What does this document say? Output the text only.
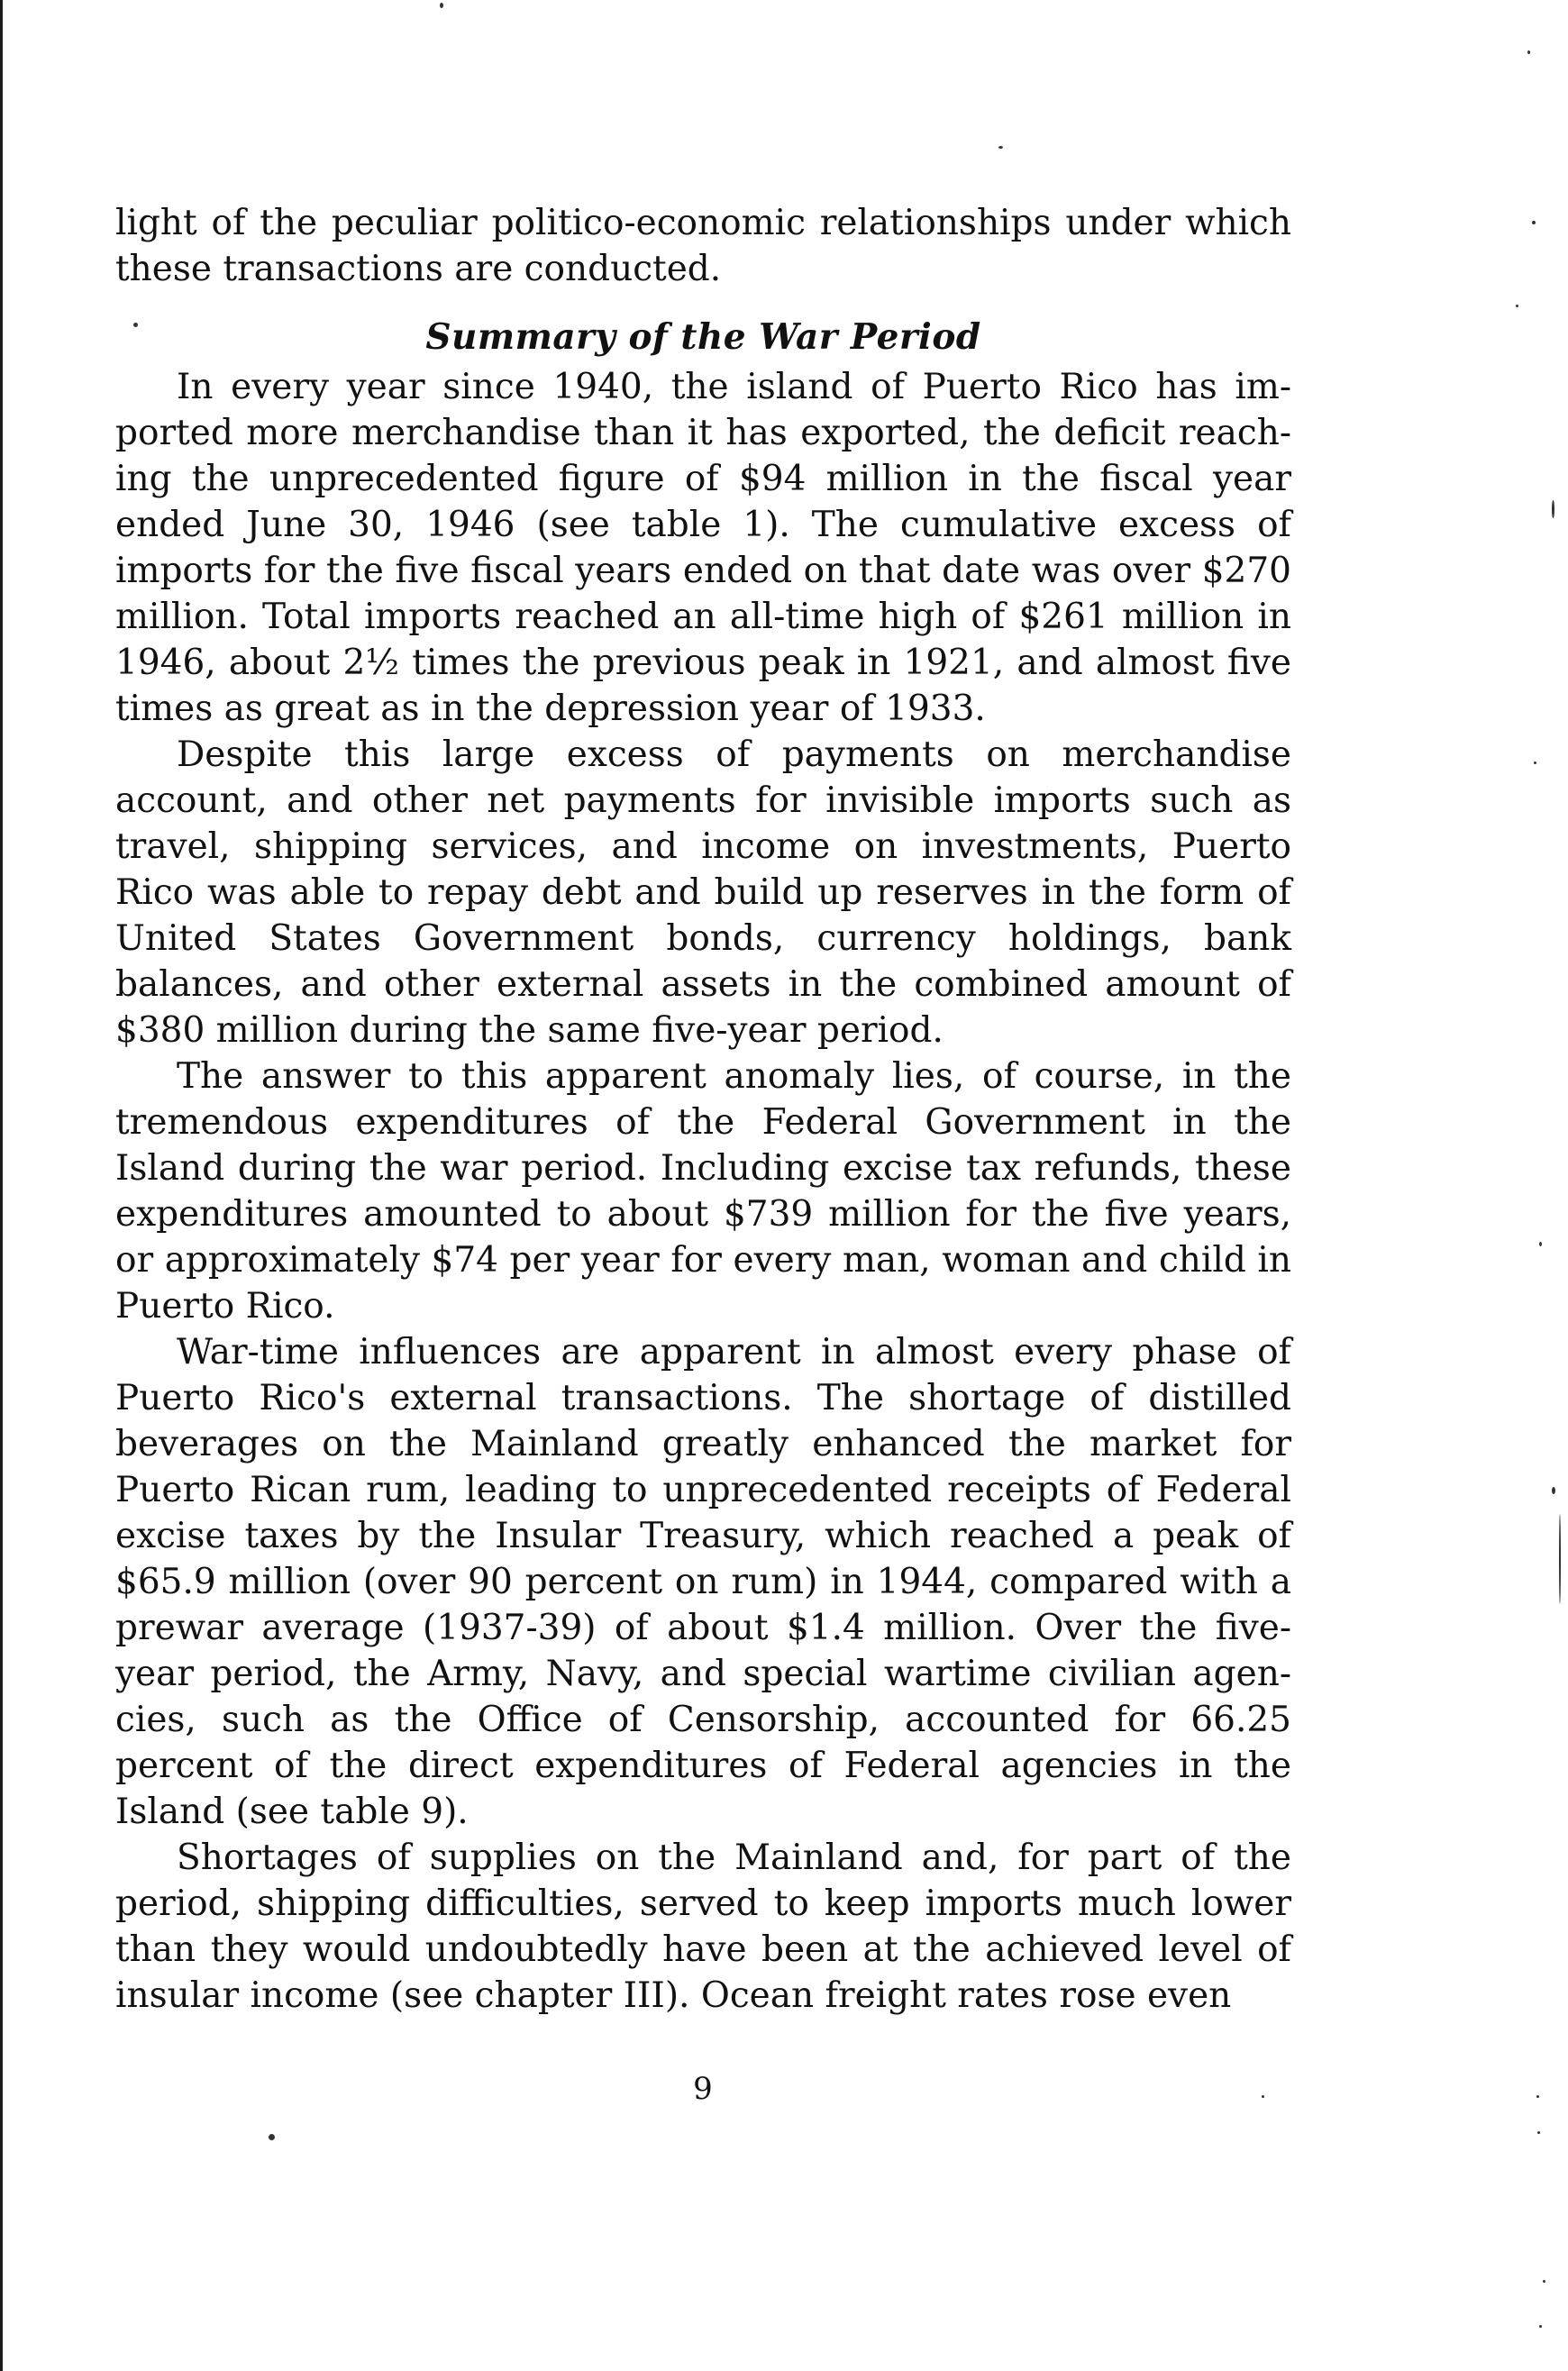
light of the peculiar politico-economic relationships under which these transactions are conducted.

Summary of the War Period

In every year since 1940, the island of Puerto Rico has imported more merchandise than it has exported, the deficit reaching the unprecedented figure of $94 million in the fiscal year ended June 30, 1946 (see table 1). The cumulative excess of imports for the five fiscal years ended on that date was over $270 million. Total imports reached an all-time high of $261 million in 1946, about 2½ times the previous peak in 1921, and almost five times as great as in the depression year of 1933.

Despite this large excess of payments on merchandise account, and other net payments for invisible imports such as travel, shipping services, and income on investments, Puerto Rico was able to repay debt and build up reserves in the form of United States Government bonds, currency holdings, bank balances, and other external assets in the combined amount of $380 million during the same five-year period.

The answer to this apparent anomaly lies, of course, in the tremendous expenditures of the Federal Government in the Island during the war period. Including excise tax refunds, these expenditures amounted to about $739 million for the five years, or approximately $74 per year for every man, woman and child in Puerto Rico.

War-time influences are apparent in almost every phase of Puerto Rico's external transactions. The shortage of distilled beverages on the Mainland greatly enhanced the market for Puerto Rican rum, leading to unprecedented receipts of Federal excise taxes by the Insular Treasury, which reached a peak of $65.9 million (over 90 percent on rum) in 1944, compared with a prewar average (1937-39) of about $1.4 million. Over the five-year period, the Army, Navy, and special wartime civilian agencies, such as the Office of Censorship, accounted for 66.25 percent of the direct expenditures of Federal agencies in the Island (see table 9).

Shortages of supplies on the Mainland and, for part of the period, shipping difficulties, served to keep imports much lower than they would undoubtedly have been at the achieved level of insular income (see chapter III). Ocean freight rates rose even

9
